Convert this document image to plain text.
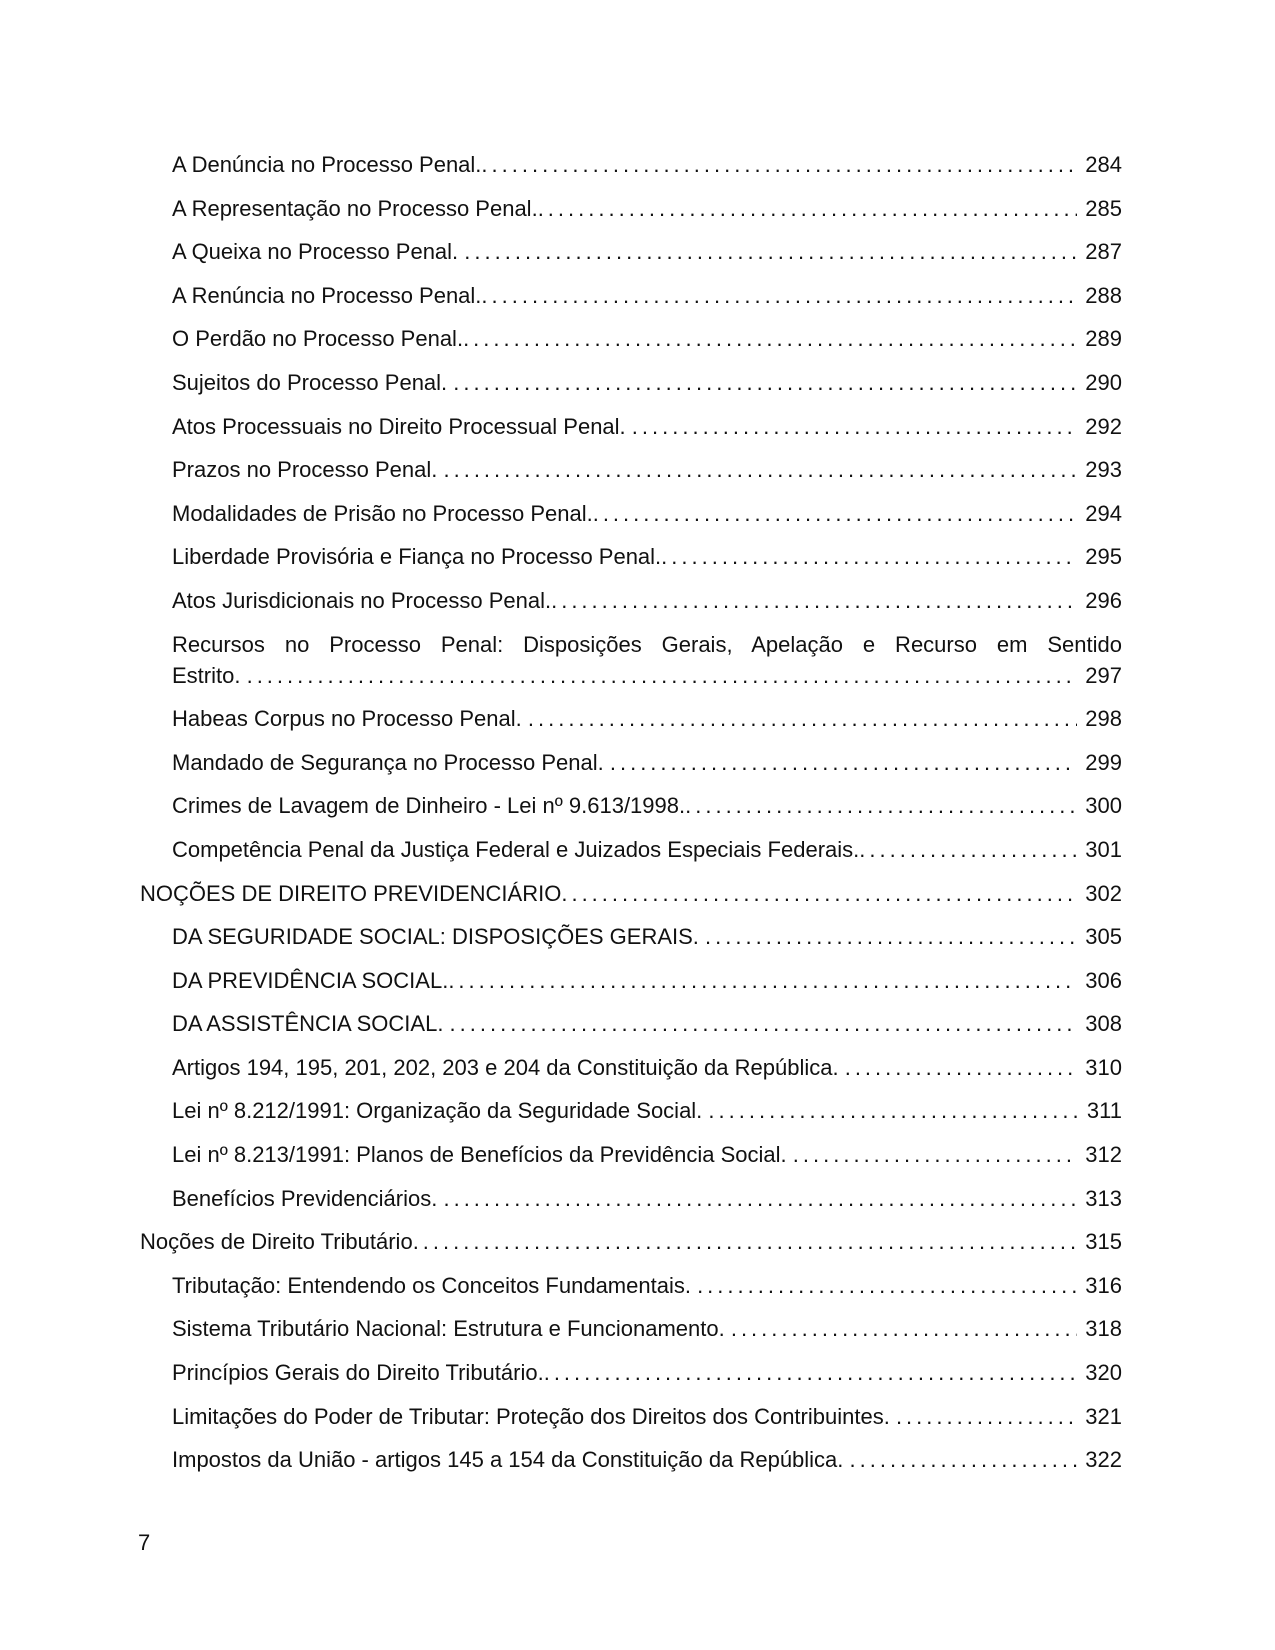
A Denúncia no Processo Penal. .....	284
A Representação no Processo Penal. .....	285
A Queixa no Processo Penal. .....	287
A Renúncia no Processo Penal. .....	288
O Perdão no Processo Penal. .....	289
Sujeitos do Processo Penal. .....	290
Atos Processuais no Direito Processual Penal. .....	292
Prazos no Processo Penal. .....	293
Modalidades de Prisão no Processo Penal. .....	294
Liberdade Provisória e Fiança no Processo Penal. .....	295
Atos Jurisdicionais no Processo Penal. .....	296
Recursos no Processo Penal: Disposições Gerais, Apelação e Recurso em Sentido
Estrito. .....	297
Habeas Corpus no Processo Penal. .....	298
Mandado de Segurança no Processo Penal. .....	299
Crimes de Lavagem de Dinheiro - Lei nº 9.613/1998. .....	300
Competência Penal da Justiça Federal e Juizados Especiais Federais. .....	301
NOÇÕES DE DIREITO PREVIDENCIÁRIO .....	302
DA SEGURIDADE SOCIAL: DISPOSIÇÕES GERAIS. .....	305
DA PREVIDÊNCIA SOCIAL. .....	306
DA ASSISTÊNCIA SOCIAL. .....	308
Artigos 194, 195, 201, 202, 203 e 204 da Constituição da República. .....	310
Lei nº 8.212/1991: Organização da Seguridade Social. .....	311
Lei nº 8.213/1991: Planos de Benefícios da Previdência Social. .....	312
Benefícios Previdenciários. .....	313
Noções de Direito Tributário .....	315
Tributação: Entendendo os Conceitos Fundamentais. .....	316
Sistema Tributário Nacional: Estrutura e Funcionamento. .....	318
Princípios Gerais do Direito Tributário. .....	320
Limitações do Poder de Tributar: Proteção dos Direitos dos Contribuintes. .....	321
Impostos da União - artigos 145 a 154 da Constituição da República. .....	322
7
